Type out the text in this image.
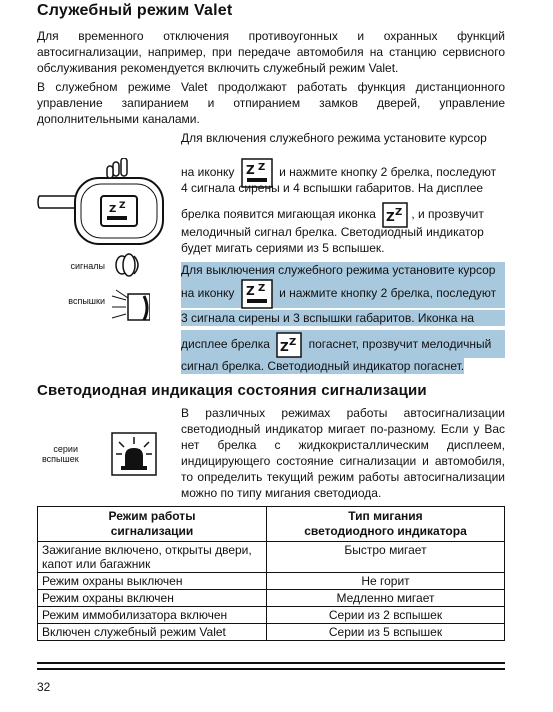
Служебный режим Valet
Для временного отключения противоугонных и охранных функций автосигнализации, например, при передаче автомобиля на станцию сервисного обслуживания рекомендуется включить служебный режим Valet.
В служебном режиме Valet продолжают работать функция дистанционного управление запиранием и отпиранием замков дверей, управление дополнительными каналами.
Z Z
сигналы
вспышки
Для включения служебного режима установите курсор
на иконку Z Z и нажмите кнопку 2 брелка, последуют
4 сигнала сирены и 4 вспышки габаритов. На дисплее
брелка появится мигающая иконка Z Z , и прозвучит
мелодичный сигнал брелка. Светодиодный индикатор
будет мигать сериями из 5 вспышек.
Для выключения служебного режима установите курсор
на иконку Z Z и нажмите кнопку 2 брелка, последуют
3 сигнала сирены и 3 вспышки габаритов. Иконка на
дисплее брелка Z Z погаснет, прозвучит мелодичный
сигнал брелка. Светодиодный индикатор погаснет.
Светодиодная индикация состояния сигнализации
серии
вспышек
В различных режимах работы автосигнализации светодиодный индикатор мигает по-разному. Если у Вас нет брелка с жидкокристаллическим дисплеем, индицирующего состояние сигнализации и автомобиля, то определить текущий режим работы автосигнализации можно по типу мигания светодиода.
Режим работы
сигнализации	Тип мигания
светодиодного индикатора
Зажигание включено, открыты двери, капот или багажник	Быстро мигает
Режим охраны выключен	Не горит
Режим охраны включен	Медленно мигает
Режим иммобилизатора включен	Серии из 2 вспышек
Включен служебный режим Valet	Серии из 5 вспышек
32
